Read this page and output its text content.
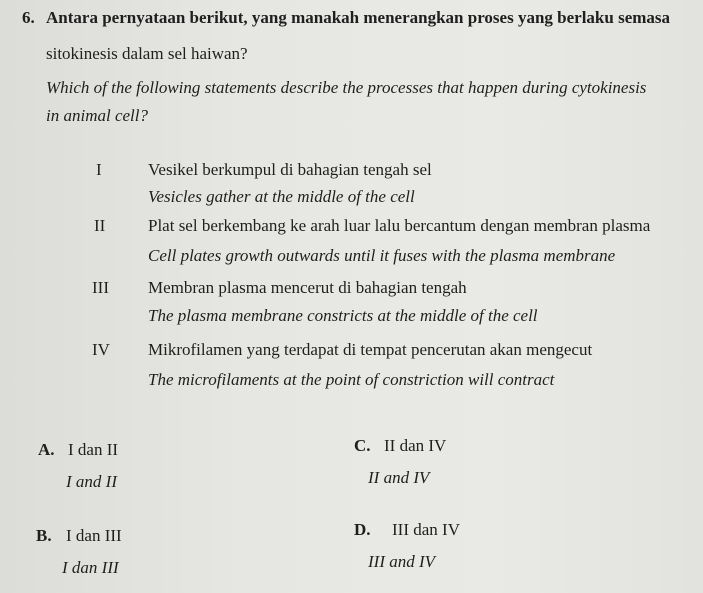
6. Antara pernyataan berikut, yang manakah menerangkan proses yang berlaku semasa
sitokinesis dalam sel haiwan?
Which of the following statements describe the processes that happen during cytokinesis
in animal cell?
I	Vesikel berkumpul di bahagian tengah sel
Vesicles gather at the middle of the cell
II	Plat sel berkembang ke arah luar lalu bercantum dengan membran plasma
Cell plates growth outwards until it fuses with the plasma membrane
III Membran plasma mencerut di bahagian tengah
The plasma membrane constricts at the middle of the cell
IV Mikrofilamen yang terdapat di tempat pencerutan akan mengecut
The microfilaments at the point of constriction will contract
A. I dan II
I and II
C. II dan IV
II and IV
B. I dan III
I dan III
D. III dan IV
III and IV
